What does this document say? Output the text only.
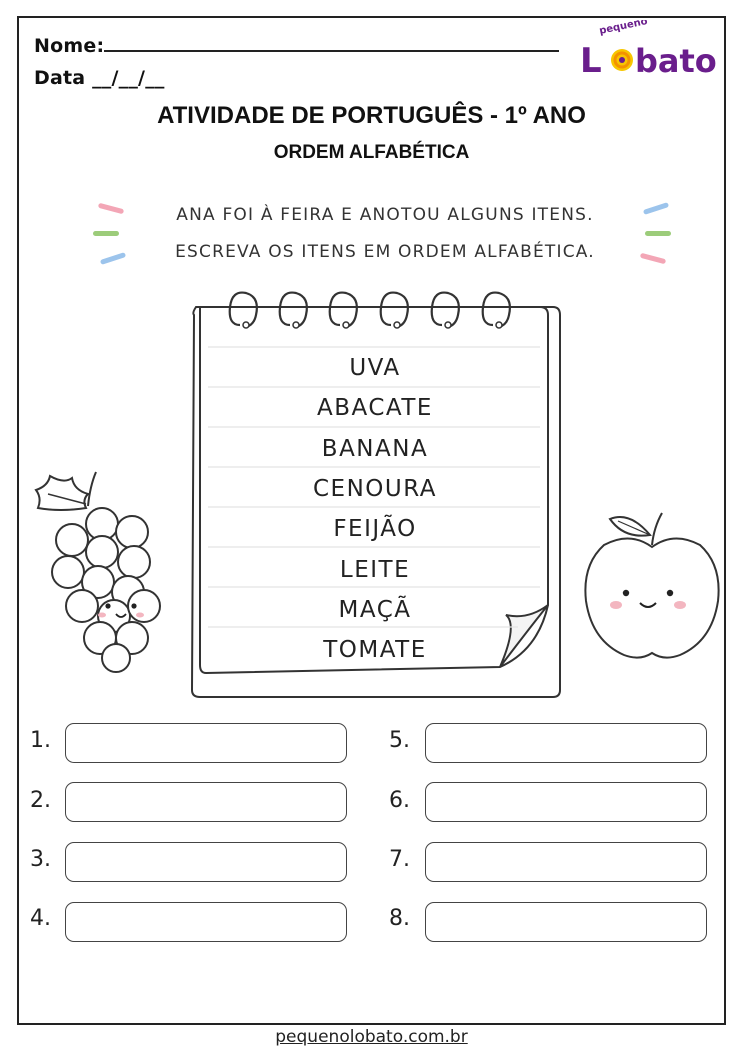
Nome:
Data __/__/__
pequeno
L bato
ATIVIDADE DE PORTUGUÊS - 1º ANO
ORDEM ALFABÉTICA
ANA FOI À FEIRA E ANOTOU ALGUNS ITENS.
ESCREVA OS ITENS EM ORDEM ALFABÉTICA.
UVA
ABACATE
BANANA
CENOURA
FEIJÃO
LEITE
MAÇÃ
TOMATE
1.
2.
3.
4.
5.
6.
7.
8.
pequenolobato.com.br
